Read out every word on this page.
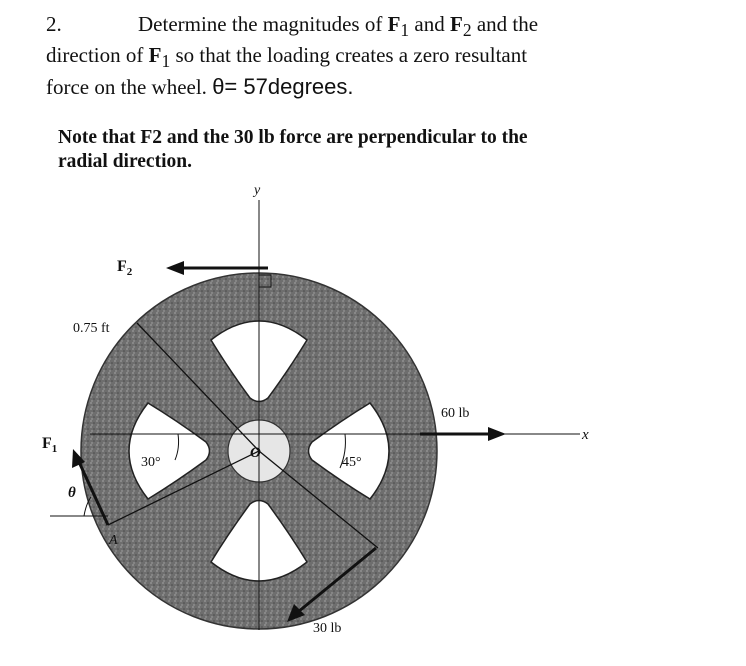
2.	Determine the magnitudes of $F_1$ and $F_2$ and the
direction of $F_1$ so that the loading creates a zero resultant
force on the wheel. θ= 57degrees.
Note that F2 and the 30 lb force are perpendicular to the
radial direction.
y
x
$F_2$
0.75 ft
60 lb
30 lb
$F_1$
θ
A
30°	45°
O
